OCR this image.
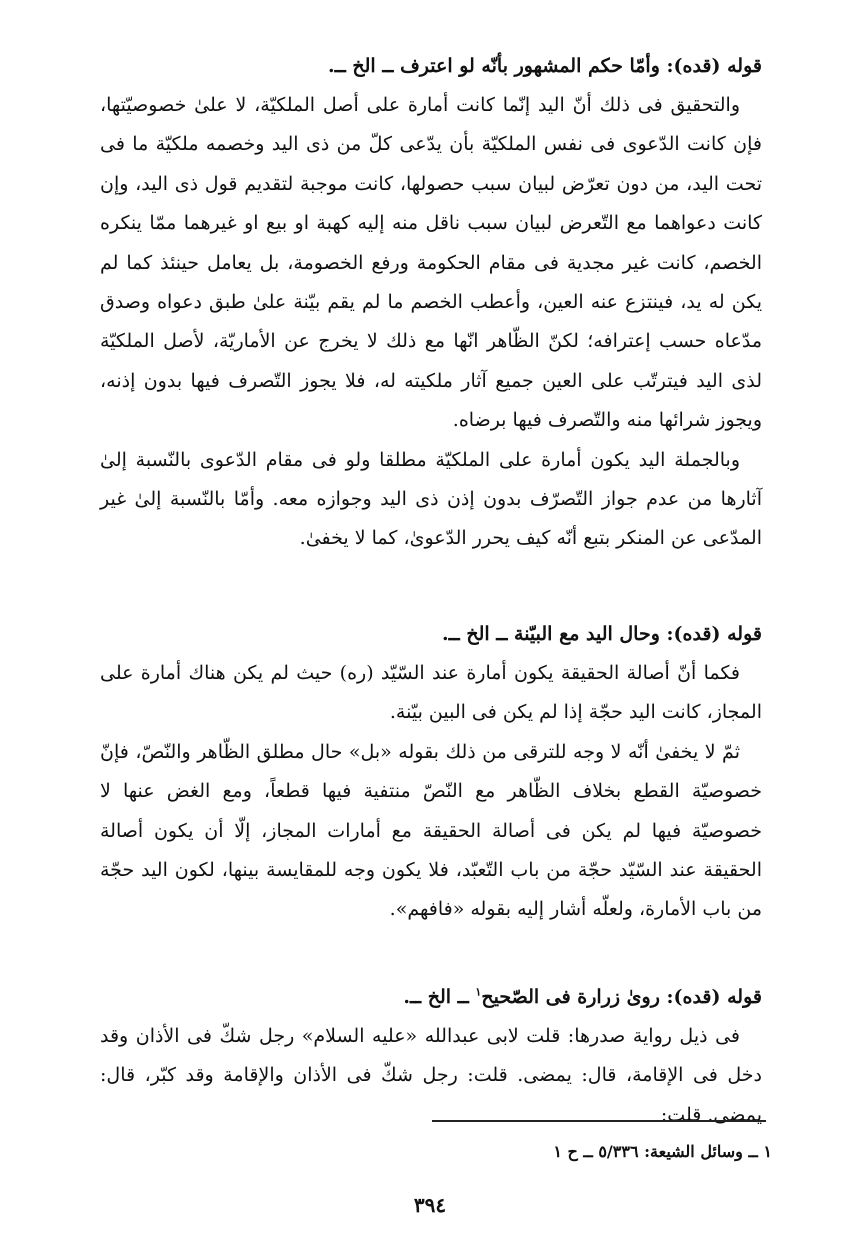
قوله (قده): وأمّا حكم المشهور بأنّه لو اعترف ــ الخ ــ.

والتحقيق فى ذلك أنّ اليد إنّما كانت أمارة على أصل الملكيّة، لا علىٰ خصوصيّتها، فإن كانت الدّعوى فى نفس الملكيّة بأن يدّعى كلّ من ذى اليد وخصمه ملكيّة ما فى تحت اليد، من دون تعرّض لبيان سبب حصولها، كانت موجبة لتقديم قول ذى اليد، وإن كانت دعواهما مع التّعرض لبيان سبب ناقل منه إليه كهبة او بيع او غيرهما ممّا ينكره الخصم، كانت غير مجدية فى مقام الحكومة ورفع الخصومة، بل يعامل حينئذ كما لم يكن له يد، فينتزع عنه العين، وأعطب الخصم ما لم يقم بيّنة علىٰ طبق دعواه وصدق مدّعاه حسب إعترافه؛ لكنّ الظّاهر انّها مع ذلك لا يخرج عن الأماريّة، لأصل الملكيّة لذى اليد فيترتّب على العين جميع آثار ملكيته له، فلا يجوز التّصرف فيها بدون إذنه، ويجوز شرائها منه والتّصرف فيها برضاه.

وبالجملة اليد يكون أمارة على الملكيّة مطلقا ولو فى مقام الدّعوى بالنّسبة إلىٰ آثارها من عدم جواز التّصرّف بدون إذن ذى اليد وجوازه معه. وأمّا بالنّسبة إلىٰ غير المدّعى عن المنكر بتبع أنّه كيف يحرر الدّعوىٰ، كما لا يخفىٰ.

قوله (قده): وحال اليد مع البيّنة ــ الخ ــ.

فكما أنّ أصالة الحقيقة يكون أمارة عند السّيّد (ره) حيث لم يكن هناك أمارة على المجاز، كانت اليد حجّة إذا لم يكن فى البين بيّنة.

ثمّ لا يخفىٰ أنّه لا وجه للترقى من ذلك بقوله «بل» حال مطلق الظّاهر والنّصّ، فإنّ خصوصيّة القطع بخلاف الظّاهر مع النّصّ منتفية فيها قطعاً، ومع الغض عنها لا خصوصيّة فيها لم يكن فى أصالة الحقيقة مع أمارات المجاز، إلّا أن يكون أصالة الحقيقة عند السّيّد حجّة من باب التّعبّد، فلا يكون وجه للمقايسة بينها، لكون اليد حجّة من باب الأمارة، ولعلّه أشار إليه بقوله «فافهم».

قوله (قده): روىٰ زرارة فى الصّحيح$^١$ ــ الخ ــ.

فى ذيل رواية صدرها: قلت لابى عبدالله «عليه السلام» رجل شكّ فى الأذان وقد دخل فى الإقامة، قال: يمضى. قلت: رجل شكّ فى الأذان والإقامة وقد كبّر، قال: يمضى. قلت:

١ ــ وسائل الشيعة: ٥/٣٣٦ ــ ح ١
٣٩٤
